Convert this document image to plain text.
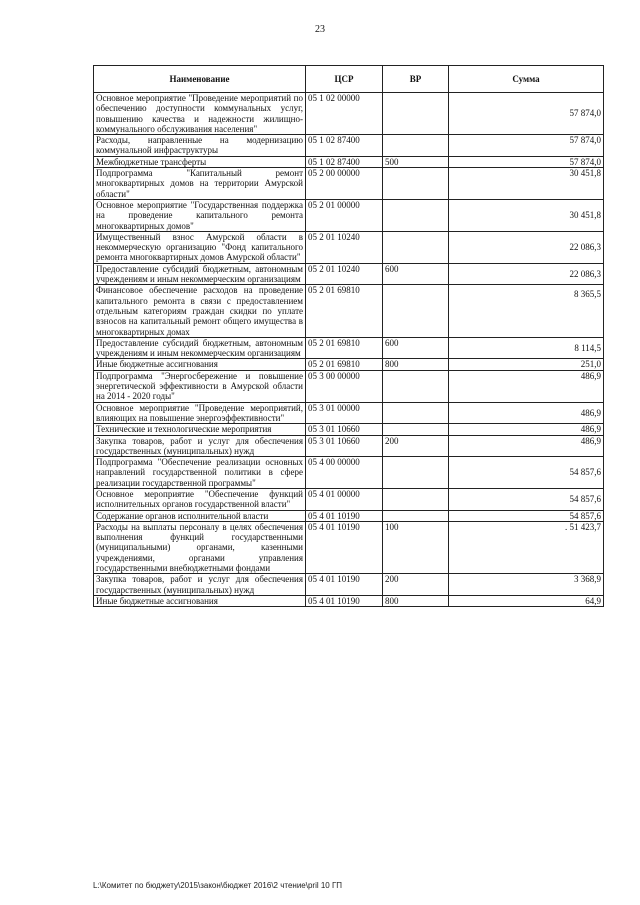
23
Наименование	ЦСР	ВР	Сумма
Основное мероприятие "Проведение мероприятий по обеспечению доступности коммунальных услуг, повышению качества и надежности жилищно-коммунального обслуживания населения"	05 1 02 00000		57 874,0
Расходы, направленные на модернизацию коммунальной инфраструктуры	05 1 02 87400		57 874,0
Межбюджетные трансферты	05 1 02 87400	500	57 874,0
Подпрограмма "Капитальный ремонт многоквартирных домов на территории Амурской области"	05 2 00 00000		30 451,8
Основное мероприятие "Государственная поддержка на проведение капитального ремонта многоквартирных домов"	05 2 01 00000		30 451,8
Имущественный взнос Амурской области в некоммерческую организацию "Фонд капитального ремонта многоквартирных домов Амурской области"	05 2 01 10240		22 086,3
Предоставление субсидий бюджетным, автономным учреждениям и иным некоммерческим организациям	05 2 01 10240	600	22 086,3
Финансовое обеспечение расходов на проведение капитального ремонта в связи с предоставлением отдельным категориям граждан скидки по уплате взносов на капитальный ремонт общего имущества в многоквартирных домах	05 2 01 69810		8 365,5
Предоставление субсидий бюджетным, автономным учреждениям и иным некоммерческим организациям	05 2 01 69810	600	8 114,5
Иные бюджетные ассигнования	05 2 01 69810	800	251,0
Подпрограмма "Энергосбережение и повышение энергетической эффективности в Амурской области на 2014 - 2020 годы"	05 3 00 00000		486,9
Основное мероприятие "Проведение мероприятий, влияющих на повышение энергоэффективности"	05 3 01 00000		486,9
Технические и технологические мероприятия	05 3 01 10660		486,9
Закупка товаров, работ и услуг для обеспечения государственных (муниципальных) нужд	05 3 01 10660	200	486,9
Подпрограмма "Обеспечение реализации основных направлений государственной политики в сфере реализации государственной программы"	05 4 00 00000		54 857,6
Основное мероприятие "Обеспечение функций исполнительных органов государственной власти"	05 4 01 00000		54 857,6
Содержание органов исполнительной власти	05 4 01 10190		54 857,6
Расходы на выплаты персоналу в целях обеспечения выполнения функций государственными (муниципальными) органами, казенными учреждениями, органами управления государственными внебюджетными фондами	05 4 01 10190	100	. 51 423,7
Закупка товаров, работ и услуг для обеспечения государственных (муниципальных) нужд	05 4 01 10190	200	3 368,9
Иные бюджетные ассигнования	05 4 01 10190	800	64,9
L:\Комитет по бюджету\2015\закон\бюджет 2016\2 чтение\pril 10 ГП
